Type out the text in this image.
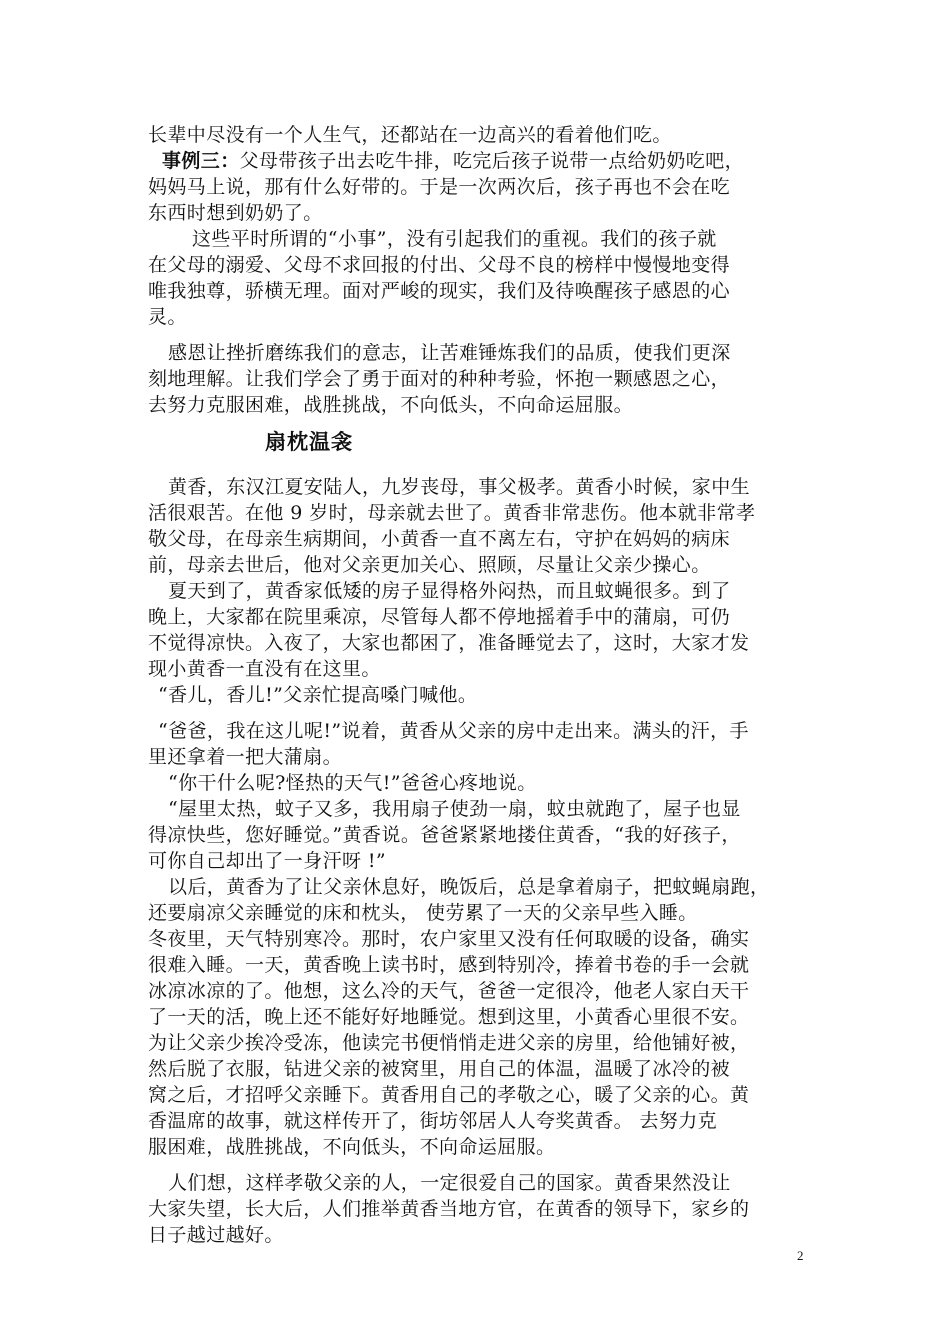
长辈中尽没有一个人生气，还都站在一边高兴的看着他们吃。
事例三：父母带孩子出去吃牛排，吃完后孩子说带一点给奶奶吃吧，
妈妈马上说，那有什么好带的。于是一次两次后，孩子再也不会在吃
东西时想到奶奶了。
这些平时所谓的“小事”，没有引起我们的重视。我们的孩子就
在父母的溺爱、父母不求回报的付出、父母不良的榜样中慢慢地变得
唯我独尊，骄横无理。面对严峻的现实，我们及待唤醒孩子感恩的心
灵。
感恩让挫折磨练我们的意志，让苦难锤炼我们的品质，使我们更深
刻地理解。让我们学会了勇于面对的种种考验，怀抱一颗感恩之心，
去努力克服困难，战胜挑战，不向低头，不向命运屈服。
扇枕温衾
黄香，东汉江夏安陆人，九岁丧母，事父极孝。黄香小时候，家中生
活很艰苦。在他 9 岁时，母亲就去世了。黄香非常悲伤。他本就非常孝
敬父母，在母亲生病期间，小黄香一直不离左右，守护在妈妈的病床
前，母亲去世后，他对父亲更加关心、照顾，尽量让父亲少操心。
夏天到了，黄香家低矮的房子显得格外闷热，而且蚊蝇很多。到了
晚上，大家都在院里乘凉，尽管每人都不停地摇着手中的蒲扇，可仍
不觉得凉快。入夜了，大家也都困了，准备睡觉去了，这时，大家才发
现小黄香一直没有在这里。
“香儿，香儿!”父亲忙提高嗓门喊他。
“爸爸，我在这儿呢!”说着，黄香从父亲的房中走出来。满头的汗，手
里还拿着一把大蒲扇。
“你干什么呢?怪热的天气!”爸爸心疼地说。
“屋里太热，蚊子又多，我用扇子使劲一扇，蚊虫就跑了，屋子也显
得凉快些，您好睡觉。”黄香说。爸爸紧紧地搂住黄香，“我的好孩子，
可你自己却出了一身汗呀 !”
以后，黄香为了让父亲休息好，晚饭后，总是拿着扇子，把蚊蝇扇跑，
还要扇凉父亲睡觉的床和枕头， 使劳累了一天的父亲早些入睡。
冬夜里，天气特别寒冷。那时，农户家里又没有任何取暖的设备，确实
很难入睡。一天，黄香晚上读书时，感到特别冷，捧着书卷的手一会就
冰凉冰凉的了。他想，这么冷的天气，爸爸一定很冷，他老人家白天干
了一天的活，晚上还不能好好地睡觉。想到这里，小黄香心里很不安。
为让父亲少挨冷受冻，他读完书便悄悄走进父亲的房里，给他铺好被，
然后脱了衣服，钻进父亲的被窝里，用自己的体温，温暖了冰冷的被
窝之后，才招呼父亲睡下。黄香用自己的孝敬之心，暖了父亲的心。黄
香温席的故事，就这样传开了，街坊邻居人人夸奖黄香。 去努力克
服困难，战胜挑战，不向低头，不向命运屈服。
人们想，这样孝敬父亲的人，一定很爱自己的国家。黄香果然没让
大家失望，长大后，人们推举黄香当地方官，在黄香的领导下，家乡的
日子越过越好。
2
